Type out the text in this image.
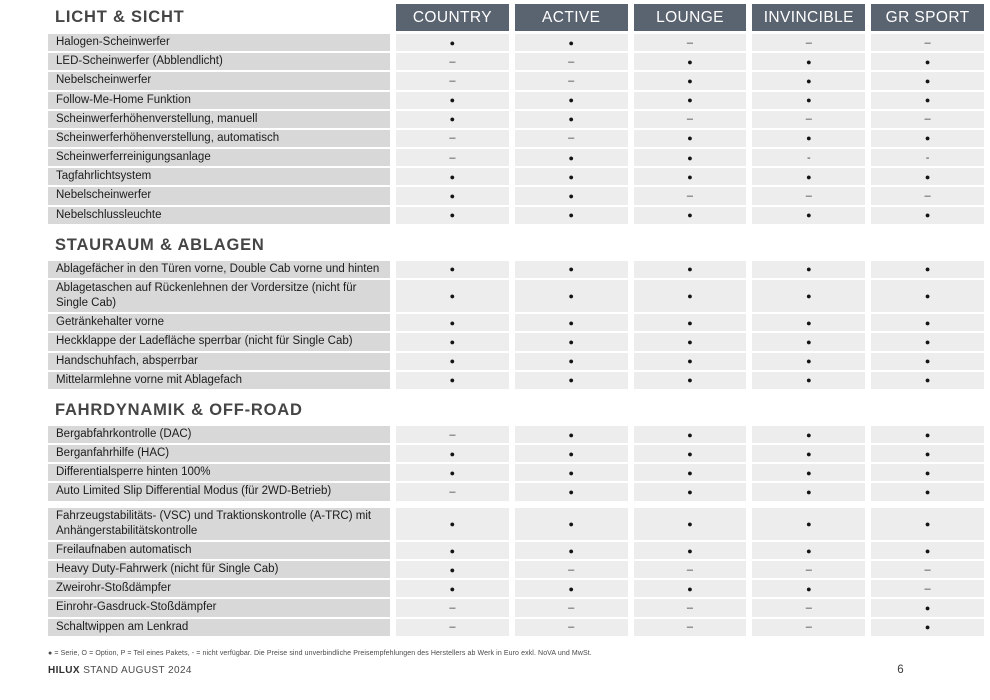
LICHT & SICHT	COUNTRY	ACTIVE	LOUNGE	INVINCIBLE	GR SPORT
Halogen-Scheinwerfer	●	●	–	–	–
LED-Scheinwerfer (Abblendlicht)	–	–	●	●	●
Nebelscheinwerfer	–	–	●	●	●
Follow-Me-Home Funktion	●	●	●	●	●
Scheinwerferhöhenverstellung, manuell	●	●	–	–	–
Scheinwerferhöhenverstellung, automatisch	–	–	●	●	●
Scheinwerferreinigungsanlage	–	●	●	-	-
Tagfahrlichtsystem	●	●	●	●	●
Nebelscheinwerfer	●	●	–	–	–
Nebelschlussleuchte	●	●	●	●	●
STAURAUM & ABLAGEN
Ablagefächer in den Türen vorne, Double Cab vorne und hinten	●	●	●	●	●
Ablagetaschen auf Rückenlehnen der Vordersitze (nicht für Single Cab)
●	●	●	●	●
Getränkehalter vorne	●	●	●	●	●
Heckklappe der Ladefläche sperrbar (nicht für Single Cab)	●	●	●	●	●
Handschuhfach, absperrbar	●	●	●	●	●
Mittelarmlehne vorne mit Ablagefach	●	●	●	●	●
FAHRDYNAMIK & OFF-ROAD
Bergabfahrkontrolle (DAC)	–	●	●	●	●
Berganfahrhilfe (HAC)	●	●	●	●	●
Differentialsperre hinten 100%	●	●	●	●	●
Auto Limited Slip Differential Modus (für 2WD-Betrieb)	–	●	●	●	●
Fahrzeugstabilitäts- (VSC) und Traktionskontrolle (A-TRC) mit Anhängerstabilitätskontrolle
●	●	●	●	●
Freilaufnaben automatisch	●	●	●	●	●
Heavy Duty-Fahrwerk (nicht für Single Cab)	●	–	–	–	–
Zweirohr-Stoßdämpfer	●	●	●	●	–
Einrohr-Gasdruck-Stoßdämpfer	–	–	–	–	●
Schaltwippen am Lenkrad	–	–	–	–	●
● = Serie, O = Option, P = Teil eines Pakets, - = nicht verfügbar. Die Preise sind unverbindliche Preisempfehlungen des Herstellers ab Werk in Euro exkl. NoVA und MwSt.
HILUX STAND AUGUST 2024	6
